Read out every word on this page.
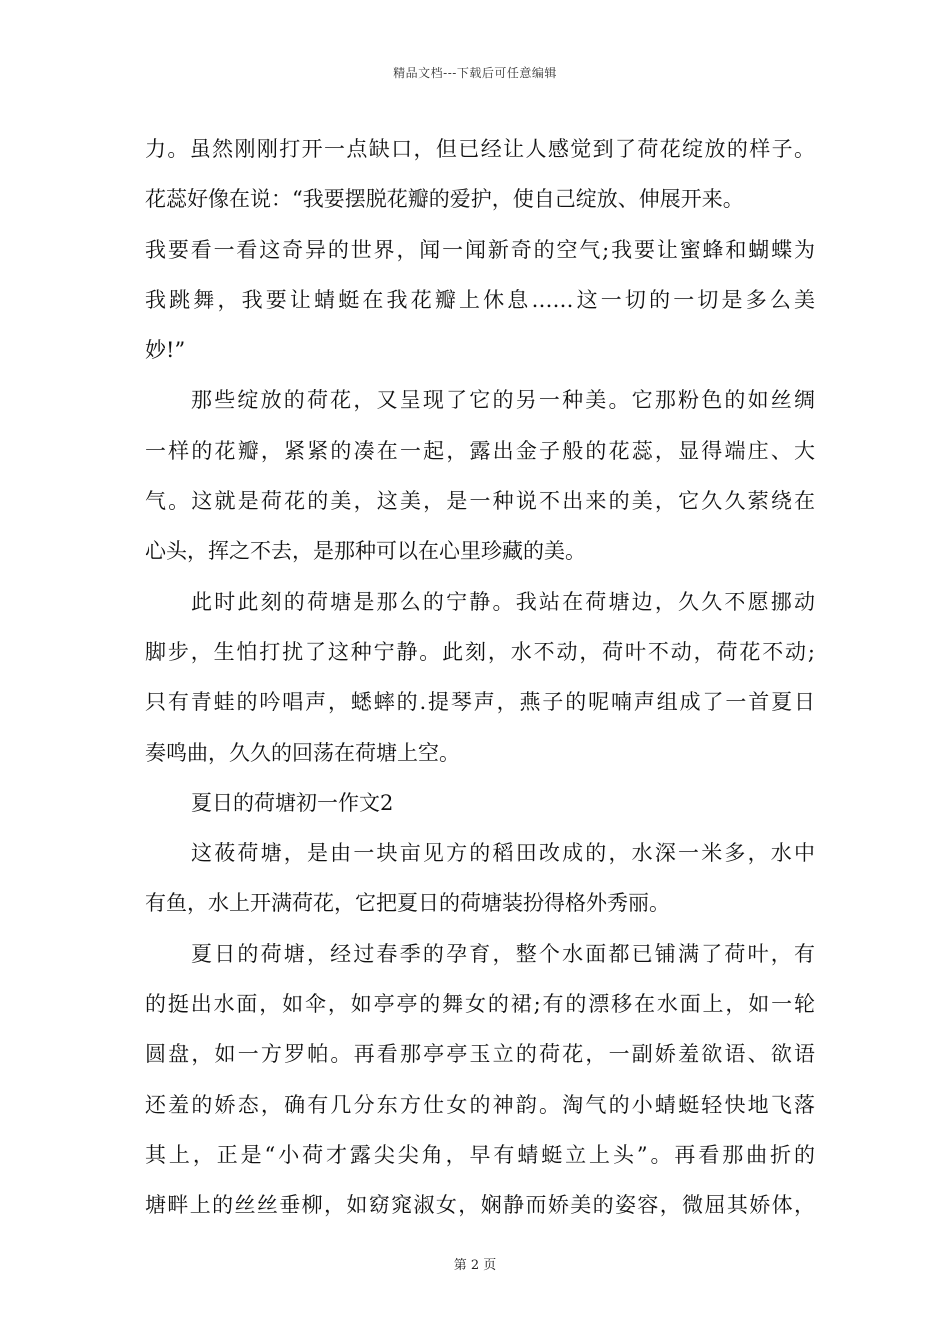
精品文档---下载后可任意编辑
力。虽然刚刚打开一点缺口，但已经让人感觉到了荷花绽放的样子。
花蕊好像在说：“我要摆脱花瓣的爱护，使自己绽放、伸展开来。
我要看一看这奇异的世界，闻一闻新奇的空气;我要让蜜蜂和蝴蝶为
我跳舞，我要让蜻蜓在我花瓣上休息……这一切的一切是多么美
妙!”
那些绽放的荷花，又呈现了它的另一种美。它那粉色的如丝绸
一样的花瓣，紧紧的凑在一起，露出金子般的花蕊，显得端庄、大
气。这就是荷花的美，这美，是一种说不出来的美，它久久萦绕在
心头，挥之不去，是那种可以在心里珍藏的美。
此时此刻的荷塘是那么的宁静。我站在荷塘边，久久不愿挪动
脚步，生怕打扰了这种宁静。此刻，水不动，荷叶不动，荷花不动;
只有青蛙的吟唱声，蟋蟀的.提琴声，燕子的呢喃声组成了一首夏日
奏鸣曲，久久的回荡在荷塘上空。
夏日的荷塘初一作文2
这莜荷塘，是由一块亩见方的稻田改成的，水深一米多，水中
有鱼，水上开满荷花，它把夏日的荷塘装扮得格外秀丽。
夏日的荷塘，经过春季的孕育，整个水面都已铺满了荷叶，有
的挺出水面，如伞，如亭亭的舞女的裙;有的漂移在水面上，如一轮
圆盘，如一方罗帕。再看那亭亭玉立的荷花，一副娇羞欲语、欲语
还羞的娇态，确有几分东方仕女的神韵。淘气的小蜻蜓轻快地飞落
其上，正是“小荷才露尖尖角，早有蜻蜓立上头”。再看那曲折的
塘畔上的丝丝垂柳，如窈窕淑女，娴静而娇美的姿容，微屈其娇体，
第 2 页
